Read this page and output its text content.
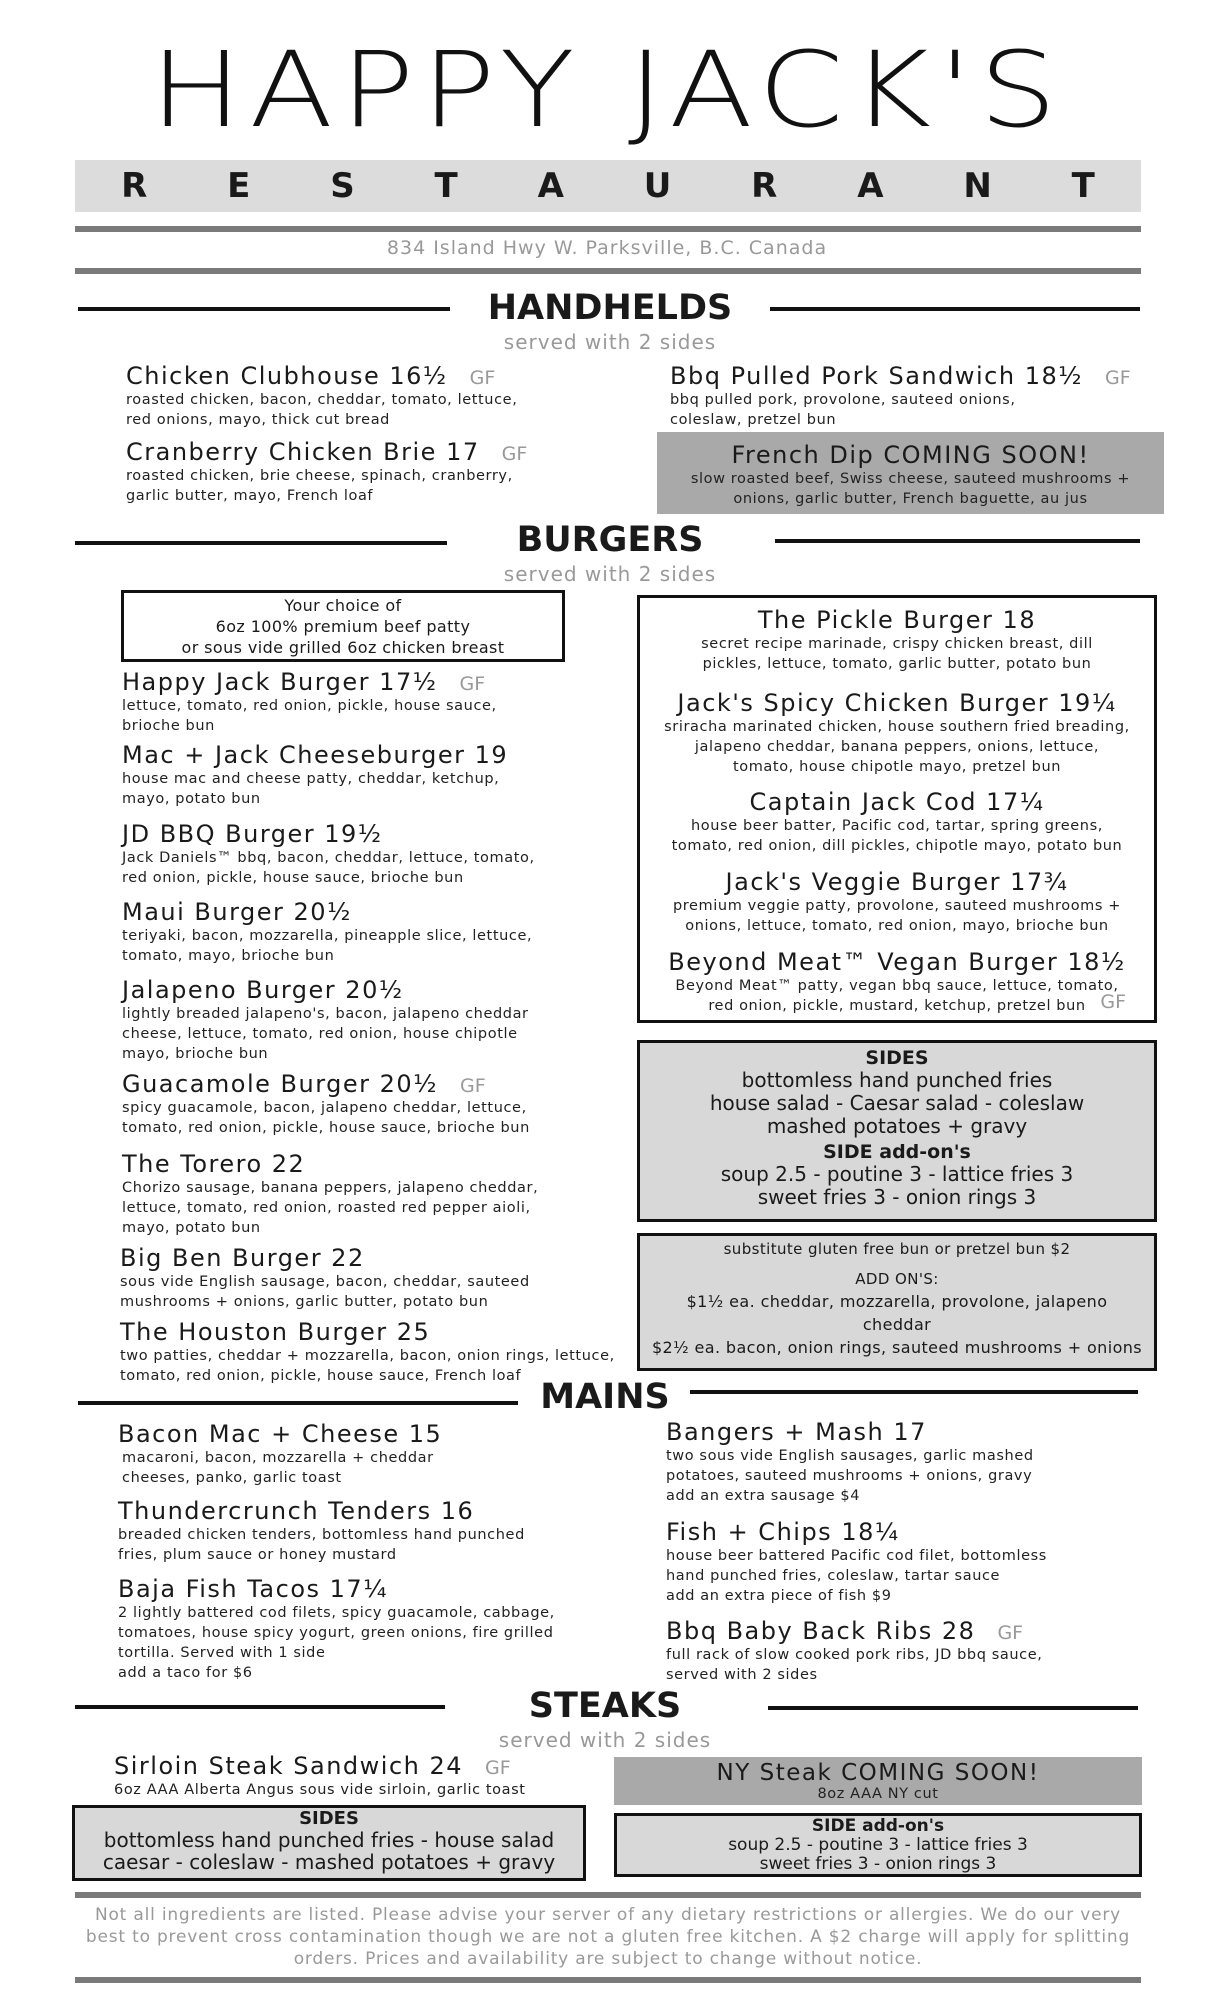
HAPPY JACK'S
R E S T A U R A N T
834 Island Hwy W. Parksville, B.C. Canada
HANDHELDS
served with 2 sides
Chicken Clubhouse 16½ GF
roasted chicken, bacon, cheddar, tomato, lettuce,
red onions, mayo, thick cut bread
Cranberry Chicken Brie 17 GF
roasted chicken, brie cheese, spinach, cranberry,
garlic butter, mayo, French loaf
Bbq Pulled Pork Sandwich 18½ GF
bbq pulled pork, provolone, sauteed onions,
coleslaw, pretzel bun
French Dip COMING SOON!
slow roasted beef, Swiss cheese, sauteed mushrooms +
onions, garlic butter, French baguette, au jus
BURGERS
served with 2 sides
Your choice of
6oz 100% premium beef patty
or sous vide grilled 6oz chicken breast
Happy Jack Burger 17½ GF
lettuce, tomato, red onion, pickle, house sauce,
brioche bun
Mac + Jack Cheeseburger 19
house mac and cheese patty, cheddar, ketchup,
mayo, potato bun
JD BBQ Burger 19½
Jack Daniels™ bbq, bacon, cheddar, lettuce, tomato,
red onion, pickle, house sauce, brioche bun
Maui Burger 20½
teriyaki, bacon, mozzarella, pineapple slice, lettuce,
tomato, mayo, brioche bun
Jalapeno Burger 20½
lightly breaded jalapeno's, bacon, jalapeno cheddar
cheese, lettuce, tomato, red onion, house chipotle
mayo, brioche bun
Guacamole Burger 20½ GF
spicy guacamole, bacon, jalapeno cheddar, lettuce,
tomato, red onion, pickle, house sauce, brioche bun
The Torero 22
Chorizo sausage, banana peppers, jalapeno cheddar,
lettuce, tomato, red onion, roasted red pepper aioli,
mayo, potato bun
Big Ben Burger 22
sous vide English sausage, bacon, cheddar, sauteed
mushrooms + onions, garlic butter, potato bun
The Houston Burger 25
two patties, cheddar + mozzarella, bacon, onion rings, lettuce,
tomato, red onion, pickle, house sauce, French loaf
The Pickle Burger 18
secret recipe marinade, crispy chicken breast, dill
pickles, lettuce, tomato, garlic butter, potato bun
Jack's Spicy Chicken Burger 19¼
sriracha marinated chicken, house southern fried breading,
jalapeno cheddar, banana peppers, onions, lettuce,
tomato, house chipotle mayo, pretzel bun
Captain Jack Cod 17¼
house beer batter, Pacific cod, tartar, spring greens,
tomato, red onion, dill pickles, chipotle mayo, potato bun
Jack's Veggie Burger 17¾
premium veggie patty, provolone, sauteed mushrooms +
onions, lettuce, tomato, red onion, mayo, brioche bun
Beyond Meat™ Vegan Burger 18½
Beyond Meat™ patty, vegan bbq sauce, lettuce, tomato,
red onion, pickle, mustard, ketchup, pretzel bun GF
SIDES
bottomless hand punched fries
house salad - Caesar salad - coleslaw
mashed potatoes + gravy
SIDE add-on's
soup 2.5 - poutine 3 - lattice fries 3
sweet fries 3 - onion rings 3
substitute gluten free bun or pretzel bun $2
ADD ON'S:
$1½ ea. cheddar, mozzarella, provolone, jalapeno
cheddar
$2½ ea. bacon, onion rings, sauteed mushrooms + onions
MAINS
Bacon Mac + Cheese 15
macaroni, bacon, mozzarella + cheddar
cheeses, panko, garlic toast
Thundercrunch Tenders 16
breaded chicken tenders, bottomless hand punched
fries, plum sauce or honey mustard
Baja Fish Tacos 17¼
2 lightly battered cod filets, spicy guacamole, cabbage,
tomatoes, house spicy yogurt, green onions, fire grilled
tortilla. Served with 1 side
add a taco for $6
Bangers + Mash 17
two sous vide English sausages, garlic mashed
potatoes, sauteed mushrooms + onions, gravy
add an extra sausage $4
Fish + Chips 18¼
house beer battered Pacific cod filet, bottomless
hand punched fries, coleslaw, tartar sauce
add an extra piece of fish $9
Bbq Baby Back Ribs 28 GF
full rack of slow cooked pork ribs, JD bbq sauce,
served with 2 sides
STEAKS
served with 2 sides
Sirloin Steak Sandwich 24 GF
6oz AAA Alberta Angus sous vide sirloin, garlic toast
NY Steak COMING SOON!
8oz AAA NY cut
SIDES
bottomless hand punched fries - house salad
caesar - coleslaw - mashed potatoes + gravy
SIDE add-on's
soup 2.5 - poutine 3 - lattice fries 3
sweet fries 3 - onion rings 3
Not all ingredients are listed. Please advise your server of any dietary restrictions or allergies. We do our very best to prevent cross contamination though we are not a gluten free kitchen. A $2 charge will apply for splitting orders. Prices and availability are subject to change without notice.
